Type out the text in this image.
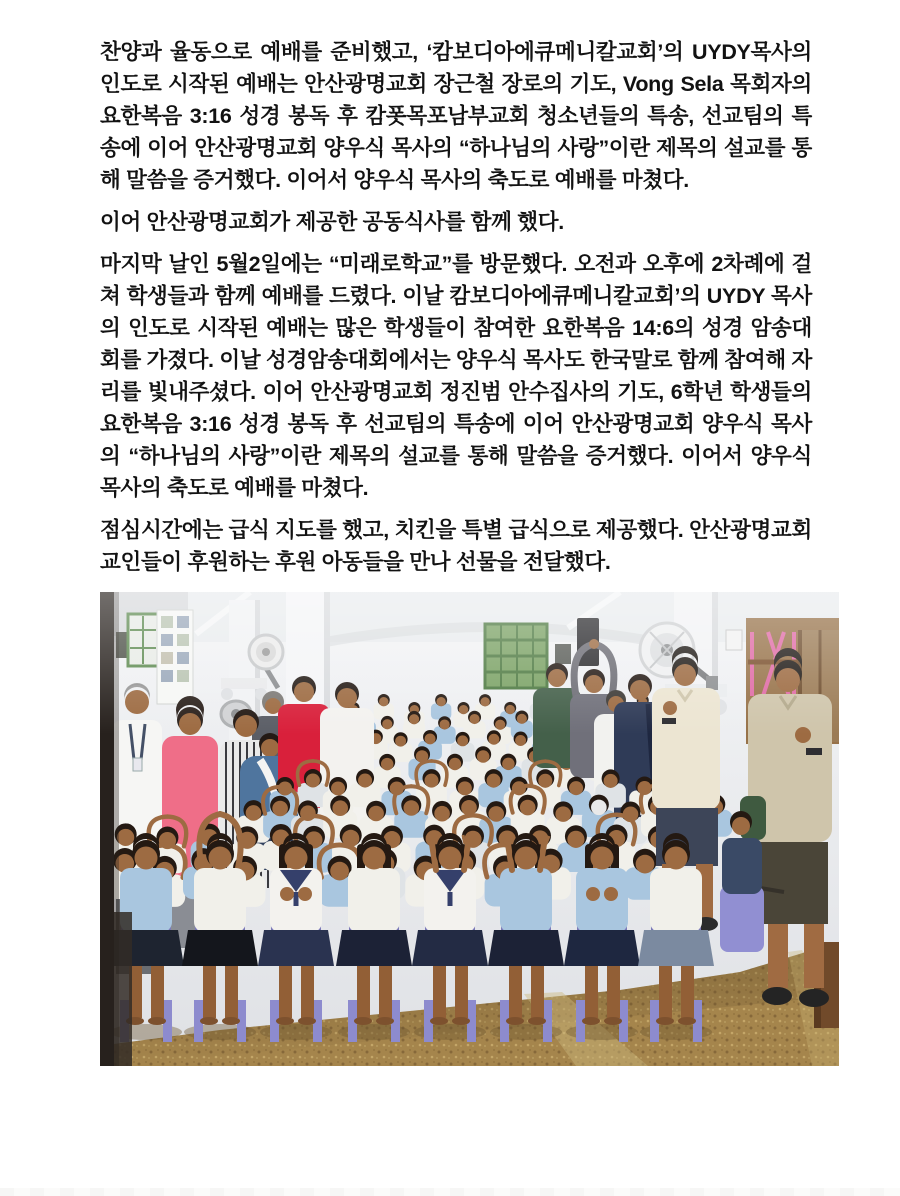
찬양과 율동으로 예배를 준비했고, ‘캄보디아에큐메니칼교회’의 UYDY목사의 인도로 시작된 예배는 안산광명교회 장근철 장로의 기도, Vong Sela 목회자의 요한복음 3:16 성경 봉독 후 캄폿목포남부교회 청소년들의 특송, 선교팀의 특송에 이어 안산광명교회 양우식 목사의 “하나님의 사랑”이란 제목의 설교를 통해 말씀을 증거했다. 이어서 양우식 목사의 축도로 예배를 마쳤다.

이어 안산광명교회가 제공한 공동식사를 함께 했다.

마지막 날인 5월2일에는 “미래로학교”를 방문했다. 오전과 오후에 2차례에 걸쳐 학생들과 함께 예배를 드렸다. 이날 캄보디아에큐메니칼교회’의 UYDY 목사의 인도로 시작된 예배는 많은 학생들이 참여한 요한복음 14:6의 성경 암송대회를 가졌다. 이날 성경암송대회에서는 양우식 목사도 한국말로 함께 참여해 자리를 빛내주셨다. 이어 안산광명교회 정진범 안수집사의 기도, 6학년 학생들의 요한복음 3:16 성경 봉독 후 선교팀의 특송에 이어 안산광명교회 양우식 목사의 “하나님의 사랑”이란 제목의 설교를 통해 말씀을 증거했다. 이어서 양우식 목사의 축도로 예배를 마쳤다.

점심시간에는 급식 지도를 했고, 치킨을 특별 급식으로 제공했다. 안산광명교회 교인들이 후원하는 후원 아동들을 만나 선물을 전달했다.
